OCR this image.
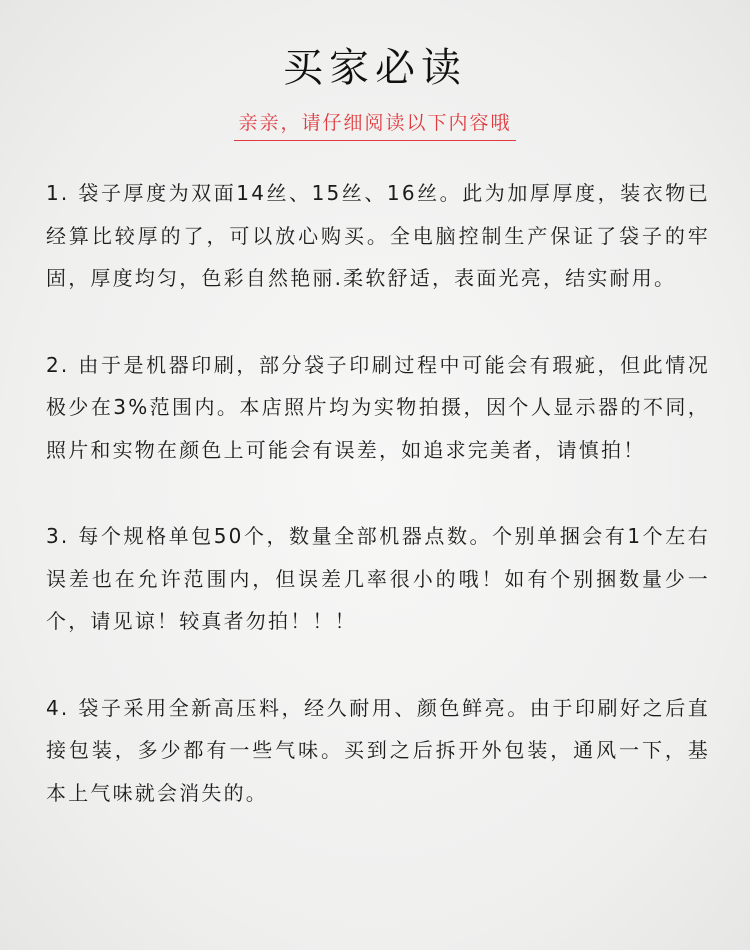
买家必读
亲亲，请仔细阅读以下内容哦

1. 袋子厚度为双面14丝、15丝、16丝。此为加厚厚度，装衣物已经算比较厚的了，可以放心购买。全电脑控制生产保证了袋子的牢固，厚度均匀，色彩自然艳丽.柔软舒适，表面光亮，结实耐用。

2. 由于是机器印刷，部分袋子印刷过程中可能会有瑕疵，但此情况极少在3%范围内。本店照片均为实物拍摄，因个人显示器的不同，照片和实物在颜色上可能会有误差，如追求完美者，请慎拍！

3. 每个规格单包50个，数量全部机器点数。个别单捆会有1个左右误差也在允许范围内，但误差几率很小的哦！如有个别捆数量少一个，请见谅！较真者勿拍！！！

4. 袋子采用全新高压料，经久耐用、颜色鲜亮。由于印刷好之后直接包装，多少都有一些气味。买到之后拆开外包装，通风一下，基本上气味就会消失的。
